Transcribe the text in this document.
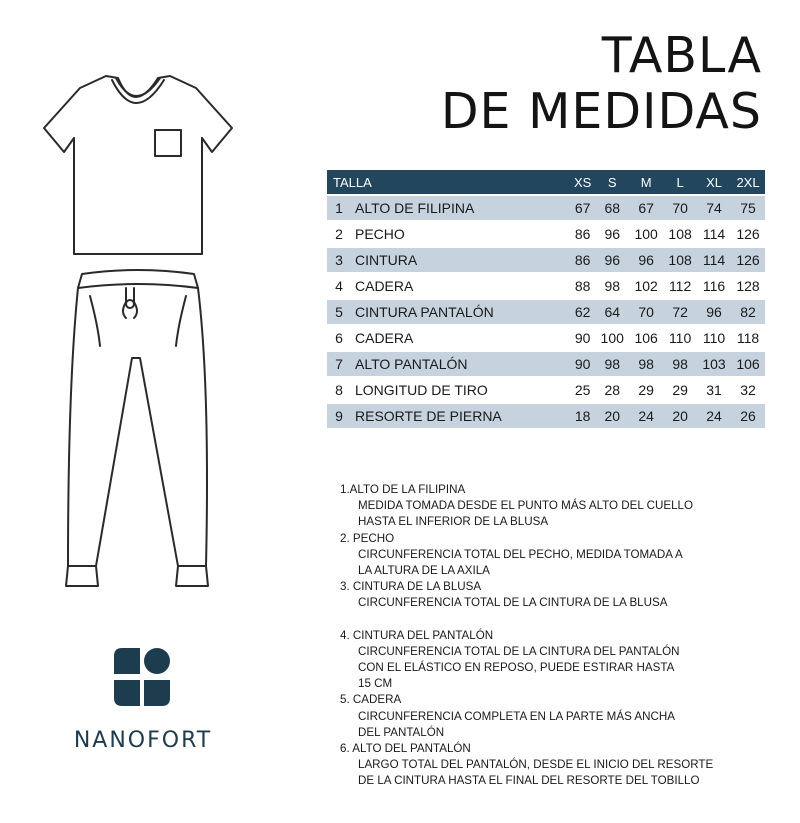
TABLA
DE MEDIDAS
NANOFORT
TALLA		XS	S	M	L	XL	2XL
1	ALTO DE FILIPINA	67	68	67	70	74	75
2	PECHO	86	96	100	108	114	126
3	CINTURA	86	96	96	108	114	126
4	CADERA	88	98	102	112	116	128
5	CINTURA PANTALÓN	62	64	70	72	96	82
6	CADERA	90	100	106	110	110	118
7	ALTO PANTALÓN	90	98	98	98	103	106
8	LONGITUD DE TIRO	25	28	29	29	31	32
9	RESORTE DE PIERNA	18	20	24	20	24	26
1.ALTO DE LA FILIPINA
MEDIDA TOMADA DESDE EL PUNTO MÁS ALTO DEL CUELLO
HASTA EL INFERIOR DE LA BLUSA
2. PECHO
CIRCUNFERENCIA TOTAL DEL PECHO, MEDIDA TOMADA A
LA ALTURA DE LA AXILA
3. CINTURA DE LA BLUSA
CIRCUNFERENCIA TOTAL DE LA CINTURA DE LA BLUSA
4. CINTURA DEL PANTALÓN
CIRCUNFERENCIA TOTAL DE LA CINTURA DEL PANTALÓN
CON EL ELÁSTICO EN REPOSO, PUEDE ESTIRAR HASTA
15 CM
5. CADERA
CIRCUNFERENCIA COMPLETA EN LA PARTE MÁS ANCHA
DEL PANTALÓN
6. ALTO DEL PANTALÓN
LARGO TOTAL DEL PANTALÓN, DESDE EL INICIO DEL RESORTE
DE LA CINTURA HASTA EL FINAL DEL RESORTE DEL TOBILLO
